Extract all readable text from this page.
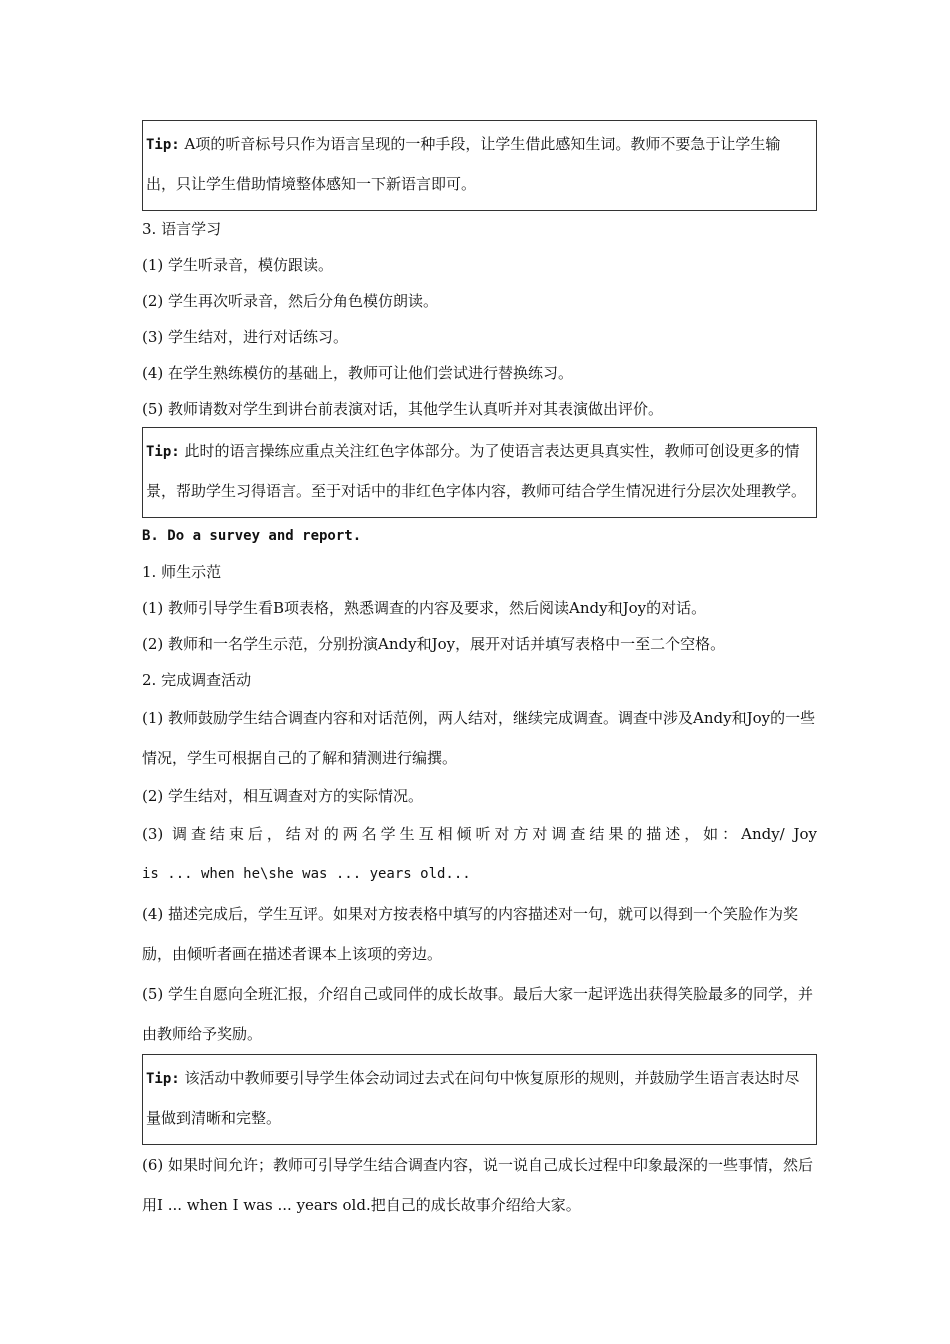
Tip: A项的听音标号只作为语言呈现的一种手段，让学生借此感知生词。教师不要急于让学生输出，只让学生借助情境整体感知一下新语言即可。

3. 语言学习

(1) 学生听录音，模仿跟读。

(2) 学生再次听录音，然后分角色模仿朗读。

(3) 学生结对，进行对话练习。

(4) 在学生熟练模仿的基础上，教师可让他们尝试进行替换练习。

(5) 教师请数对学生到讲台前表演对话，其他学生认真听并对其表演做出评价。

Tip: 此时的语言操练应重点关注红色字体部分。为了使语言表达更具真实性，教师可创设更多的情景，帮助学生习得语言。至于对话中的非红色字体内容，教师可结合学生情况进行分层次处理教学。

B. Do a survey and report.

1. 师生示范

(1) 教师引导学生看B项表格，熟悉调查的内容及要求，然后阅读Andy和Joy的对话。

(2) 教师和一名学生示范，分别扮演Andy和Joy，展开对话并填写表格中一至二个空格。

2. 完成调查活动

(1) 教师鼓励学生结合调查内容和对话范例，两人结对，继续完成调查。调查中涉及Andy和Joy的一些情况，学生可根据自己的了解和猜测进行编撰。

(2) 学生结对，相互调查对方的实际情况。

(3) 调查结束后，结对的两名学生互相倾听对方对调查结果的描述，如：Andy/ Joy

is ... when he\she was ... years old...

(4) 描述完成后，学生互评。如果对方按表格中填写的内容描述对一句，就可以得到一个笑脸作为奖励，由倾听者画在描述者课本上该项的旁边。

(5) 学生自愿向全班汇报，介绍自己或同伴的成长故事。最后大家一起评选出获得笑脸最多的同学，并由教师给予奖励。

Tip: 该活动中教师要引导学生体会动词过去式在问句中恢复原形的规则，并鼓励学生语言表达时尽量做到清晰和完整。

(6) 如果时间允许；教师可引导学生结合调查内容，说一说自己成长过程中印象最深的一些事情，然后用I ... when I was ... years old.把自己的成长故事介绍给大家。
